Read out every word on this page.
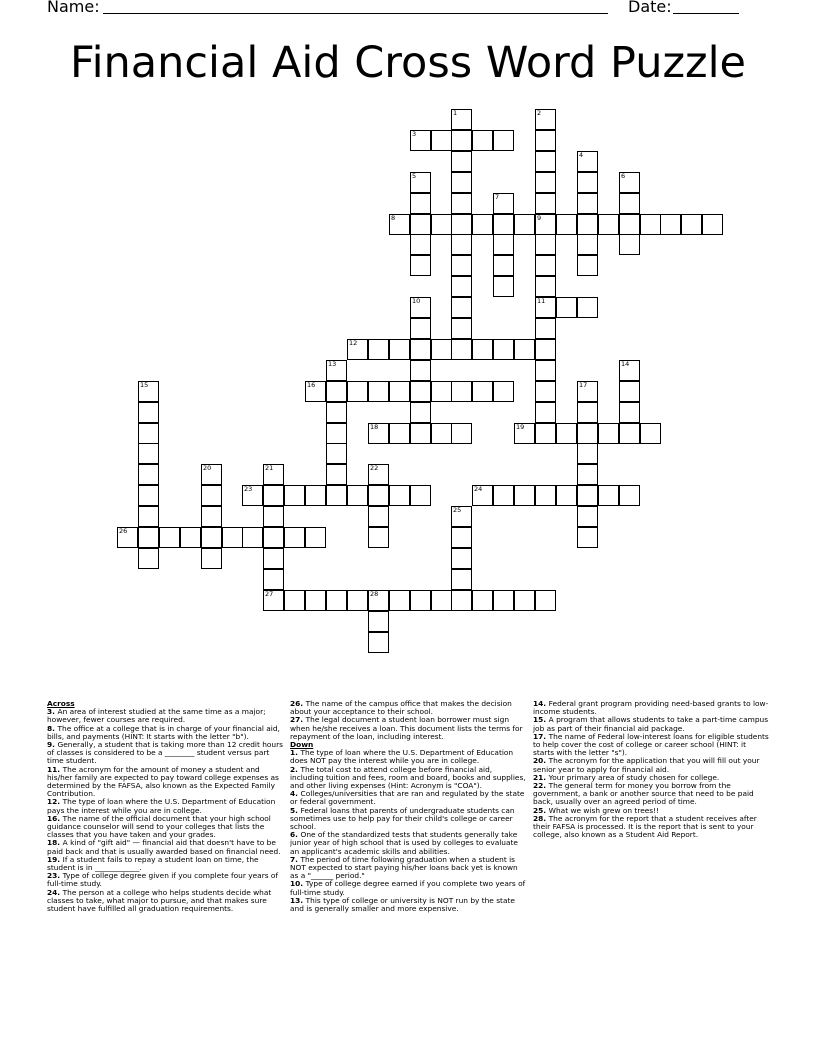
Name:	Date:
Financial Aid Cross Word Puzzle
1	2
9
11
3
4
5	6
7
8
10
12
13	14
15	16	17
18	19
20	21	22
23	24
25
26
27	28
Across

3. An area of interest studied at the same time as a major; however, fewer courses are required.

8. The office at a college that is in charge of your financial aid, bills, and payments (HINT: It starts with the letter "b").

9. Generally, a student that is taking more than 12 credit hours of classes is considered to be a ________ student versus part time student.

11. The acronym for the amount of money a student and his/her family are expected to pay toward college expenses as determined by the FAFSA, also known as the Expected Family Contribution.

12. The type of loan where the U.S. Department of Education pays the interest while you are in college.

16. The name of the official document that your high school guidance counselor will send to your colleges that lists the classes that you have taken and your grades.

18. A kind of "gift aid" — financial aid that doesn't have to be paid back and that is usually awarded based on financial need.

19. If a student fails to repay a student loan on time, the student is in ____________.

23. Type of college degree given if you complete four years of full-time study.

24. The person at a college who helps students decide what classes to take, what major to pursue, and that makes sure student have fulfilled all graduation requirements.

26. The name of the campus office that makes the decision about your acceptance to their school.

27. The legal document a student loan borrower must sign when he/she receives a loan. This document lists the terms for repayment of the loan, including interest.

Down

1. The type of loan where the U.S. Department of Education does NOT pay the interest while you are in college.

2. The total cost to attend college before financial aid, including tuition and fees, room and board, books and supplies, and other living expenses (Hint: Acronym is "COA").

4. Colleges/universities that are ran and regulated by the state or federal government.

5. Federal loans that parents of undergraduate students can sometimes use to help pay for their child's college or career school.

6. One of the standardized tests that students generally take junior year of high school that is used by colleges to evaluate an applicant's academic skills and abilities.

7. The period of time following graduation when a student is NOT expected to start paying his/her loans back yet is known as a "______ period."

10. Type of college degree earned if you complete two years of full-time study.

13. This type of college or university is NOT run by the state and is generally smaller and more expensive.

14. Federal grant program providing need-based grants to low-income students.

15. A program that allows students to take a part-time campus job as part of their financial aid package.

17. The name of Federal low-interest loans for eligible students to help cover the cost of college or career school (HINT: it starts with the letter "s").

20. The acronym for the application that you will fill out your senior year to apply for financial aid.

21. Your primary area of study chosen for college.

22. The general term for money you borrow from the government, a bank or another source that need to be paid back, usually over an agreed period of time.

25. What we wish grew on trees!!

28. The acronym for the report that a student receives after their FAFSA is processed. It is the report that is sent to your college, also known as a Student Aid Report.
